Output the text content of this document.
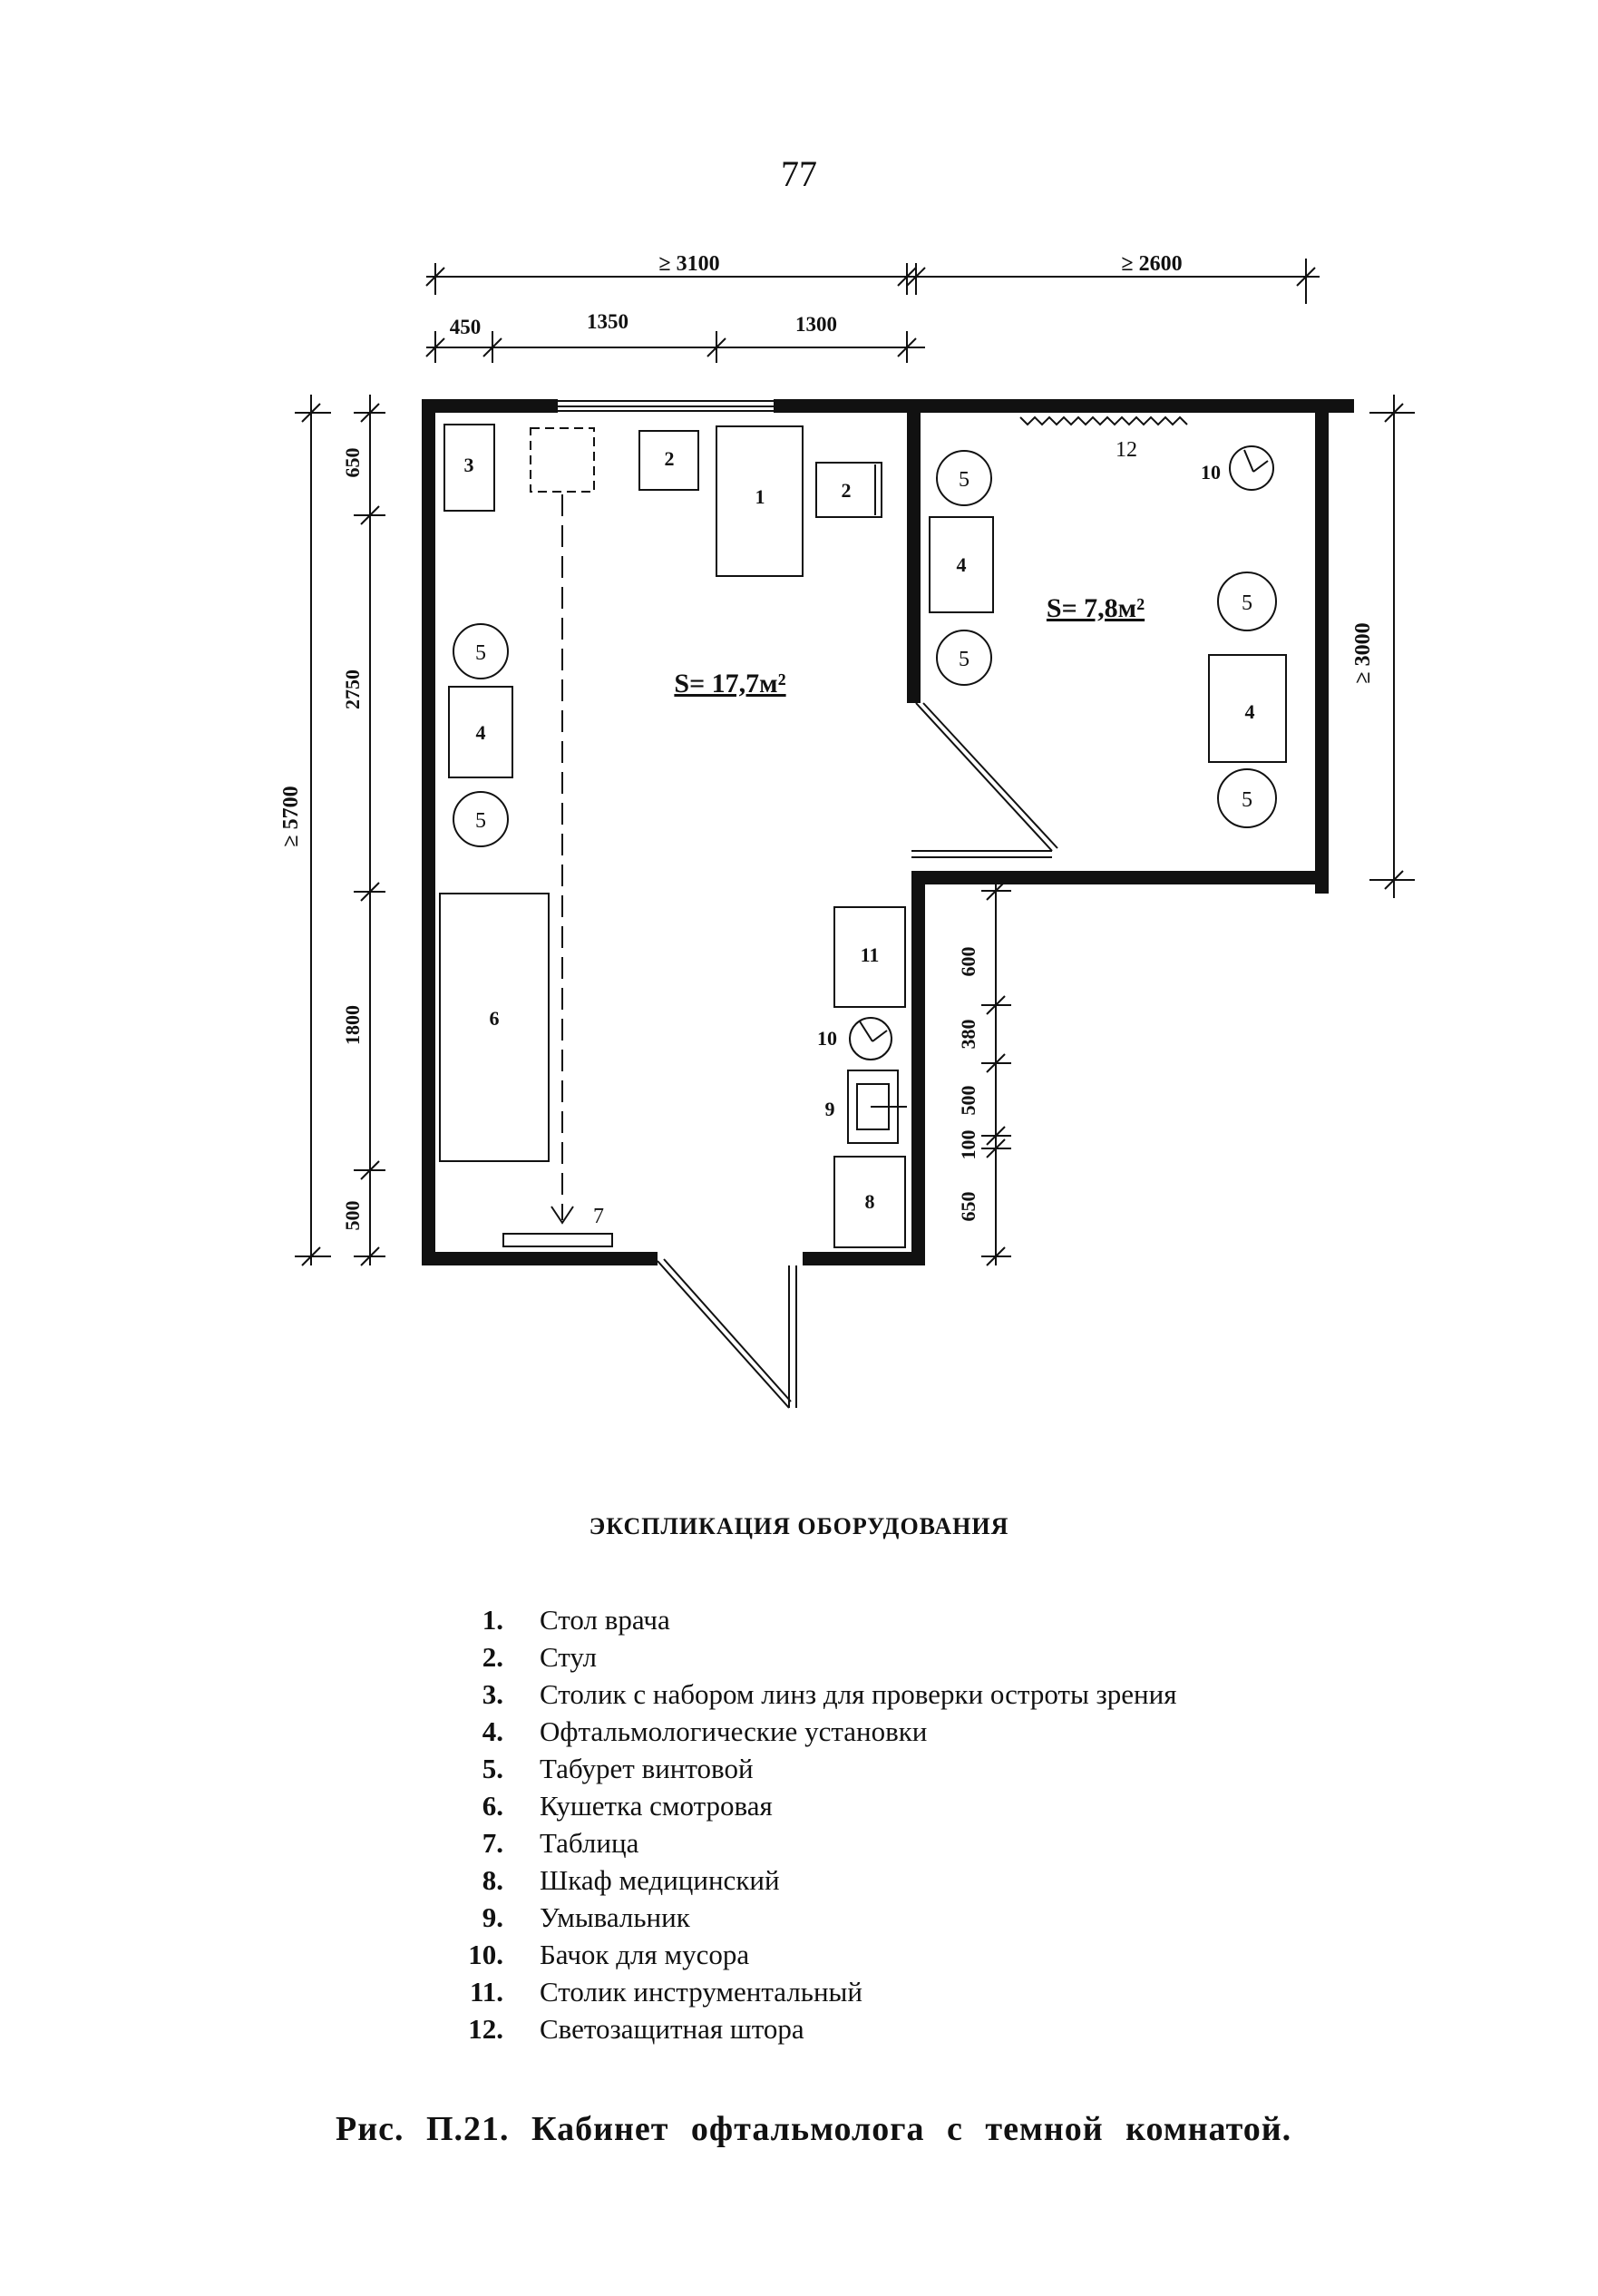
77
≥ 3100	≥ 2600
450	1350	1300
≥ 5700
650
2750
1800
500
≥ 3000
600
380
500
100
650
3	2
1	2
5
4
5
6
7
11
10
9
8
5
4
5
12
10
5
4
5
S= 17,7м²
S= 7,8м²
ЭКСПЛИКАЦИЯ ОБОРУДОВАНИЯ
1. Стол врача
2. Стул
3. Столик с набором линз для проверки остроты зрения
4. Офтальмологические установки
5. Табурет винтовой
6. Кушетка смотровая
7. Таблица
8. Шкаф медицинский
9. Умывальник
10. Бачок для мусора
11. Столик инструментальный
12. Светозащитная штора
Рис. П.21. Кабинет офтальмолога с темной комнатой.
